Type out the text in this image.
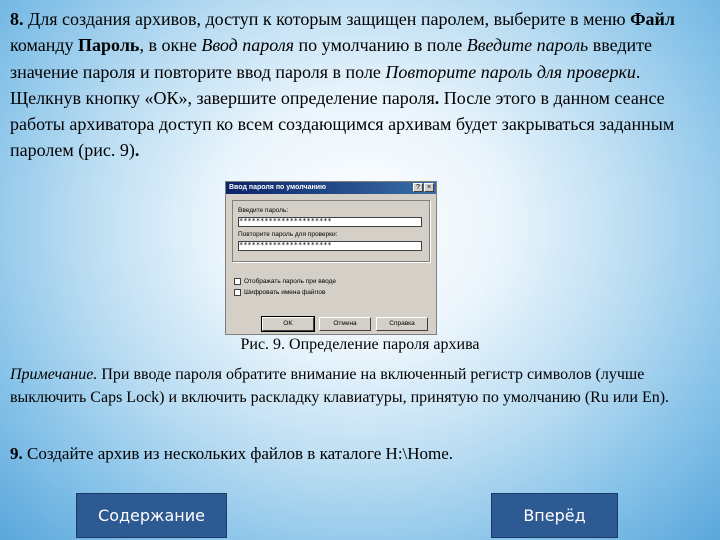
8. Для создания архивов, доступ к которым защищен паролем, выберите в меню Файл команду Пароль, в окне Ввод пароля по умолчанию в поле Введите пароль введите значение пароля и повторите ввод пароля в поле Повторите пароль для проверки. Щелкнув кнопку «ОК», завершите определение пароля. После этого в данном сеансе работы архиватора доступ ко всем создающимся архивам будет закрываться заданным паролем (рис. 9).

Ввод пароля по умолчанию	?	×
Введите пароль:
**********************
Повторите пароль для проверки:
**********************
Отображать пароль при вводе
Шифровать имена файлов
OK	Отмена	Справка
Рис. 9. Определение пароля архива

Примечание. При вводе пароля обратите внимание на включенный регистр символов (лучше выключить Caps Lock) и включить раскладку клавиатуры, принятую по умолчанию (Ru или En).

9. Создайте архив из нескольких файлов в каталоге H:\Home.

Содержание	Вперёд
